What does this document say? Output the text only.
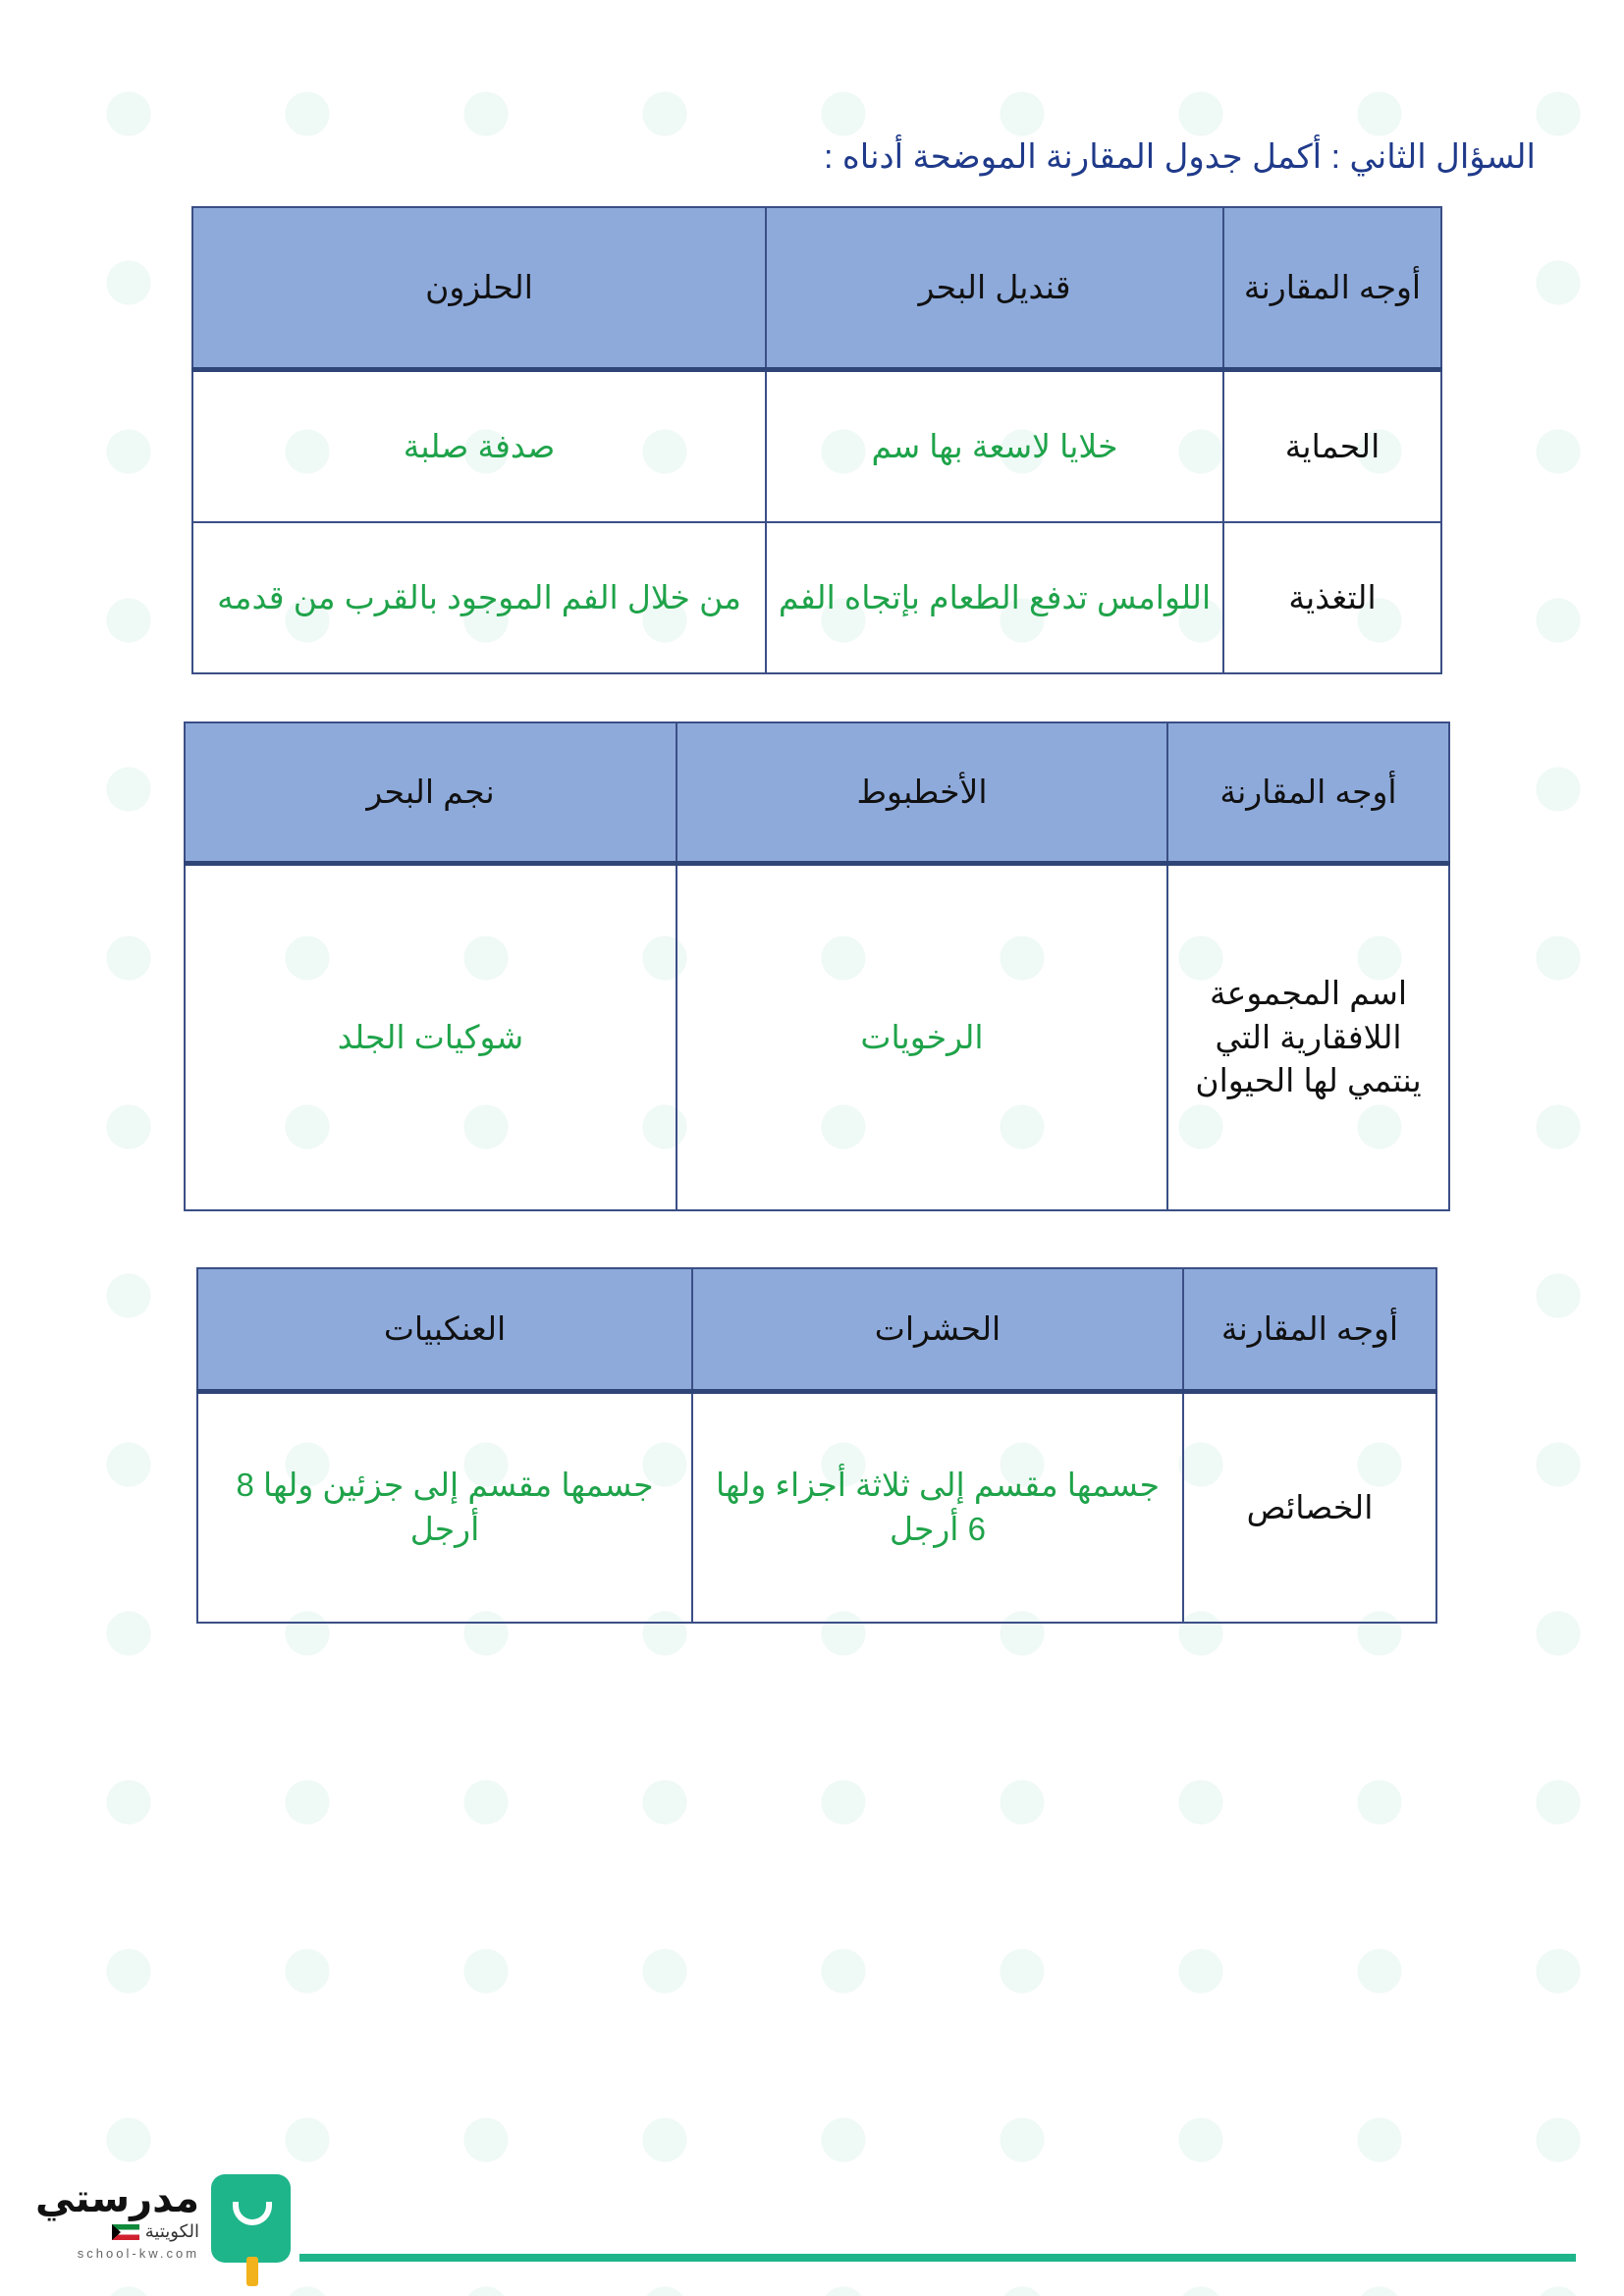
السؤال الثاني : أكمل جدول المقارنة الموضحة أدناه :
أوجه المقارنة	قنديل البحر	الحلزون
الحماية	خلايا لاسعة بها سم	صدفة صلبة
التغذية	اللوامس تدفع الطعام بإتجاه الفم	من خلال الفم الموجود بالقرب من قدمه
أوجه المقارنة	الأخطبوط	نجم البحر
اسم المجموعة اللافقارية التي ينتمي لها الحيوان	الرخويات	شوكيات الجلد
أوجه المقارنة	الحشرات	العنكبيات
الخصائص	جسمها مقسم إلى ثلاثة أجزاء ولها 6 أرجل	جسمها مقسم إلى جزئين ولها 8 أرجل
مدرستي
الكويتية
school-kw.com
